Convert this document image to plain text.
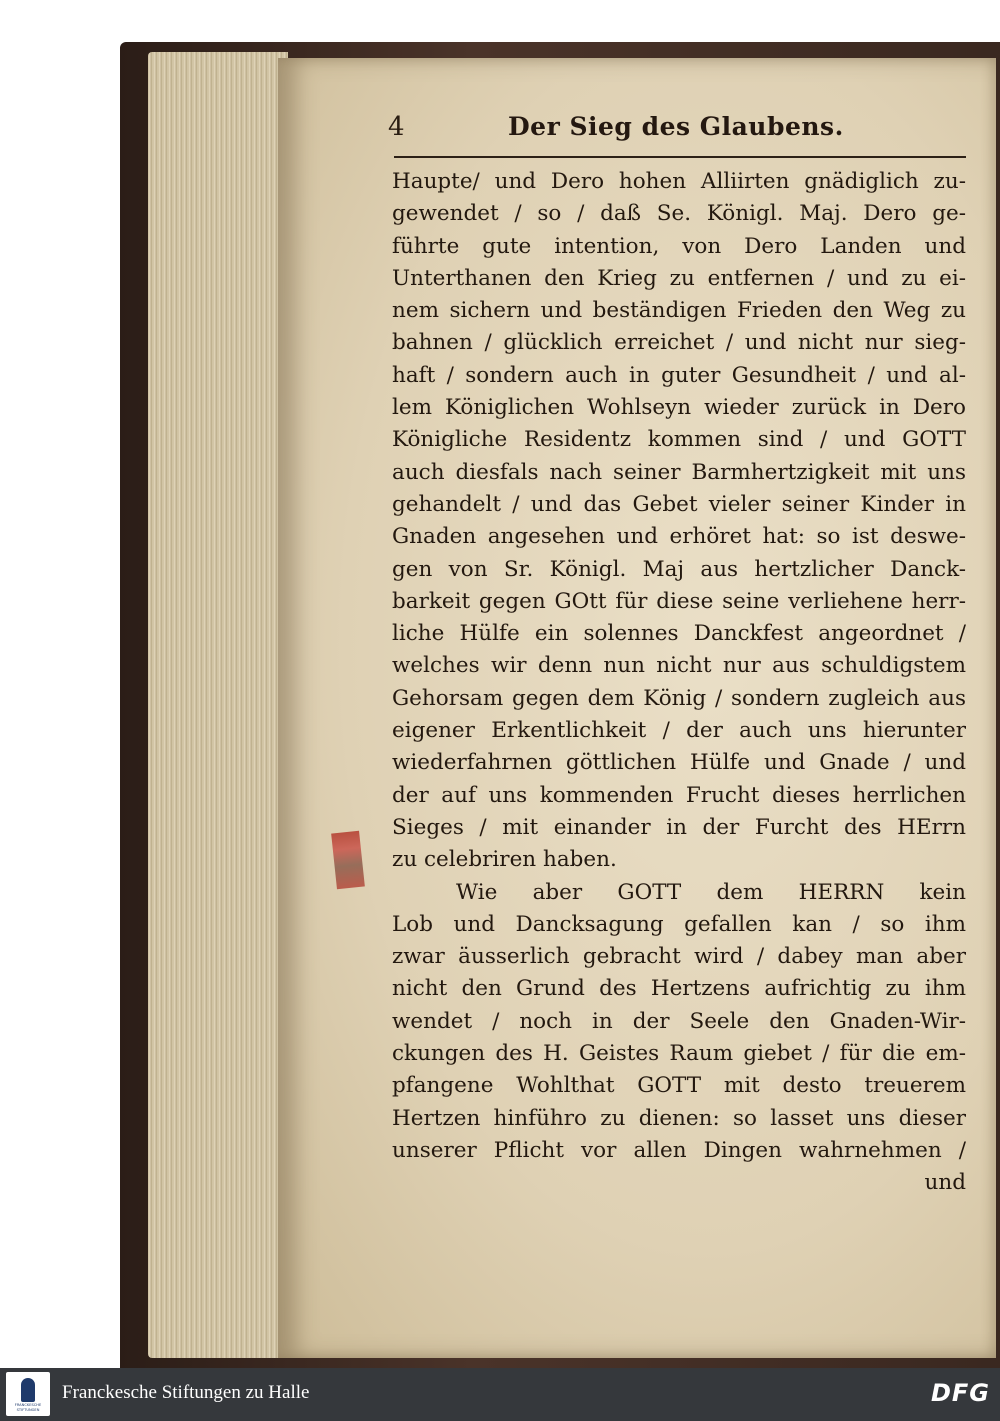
4	Der Sieg des Glaubens.
Haupte/ und Dero hohen Alliirten gnädiglich zu-
gewendet / so / daß Se. Königl. Maj. Dero ge-
führte gute intention, von Dero Landen und
Unterthanen den Krieg zu entfernen / und zu ei-
nem sichern und beständigen Frieden den Weg zu
bahnen / glücklich erreichet / und nicht nur sieg-
haft / sondern auch in guter Gesundheit / und al-
lem Königlichen Wohlseyn wieder zurück in Dero
Königliche Residentz kommen sind / und GOTT
auch diesfals nach seiner Barmhertzigkeit mit uns
gehandelt / und das Gebet vieler seiner Kinder in
Gnaden angesehen und erhöret hat: so ist deswe-
gen von Sr. Königl. Maj aus hertzlicher Danck-
barkeit gegen GOtt für diese seine verliehene herr-
liche Hülfe ein solennes Danckfest angeordnet /
welches wir denn nun nicht nur aus schuldigstem
Gehorsam gegen dem König / sondern zugleich aus
eigener Erkentlichkeit / der auch uns hierunter
wiederfahrnen göttlichen Hülfe und Gnade / und
der auf uns kommenden Frucht dieses herrlichen
Sieges / mit einander in der Furcht des HErrn
zu celebriren haben.
Wie aber GOTT dem HERRN kein
Lob und Dancksagung gefallen kan / so ihm
zwar äusserlich gebracht wird / dabey man aber
nicht den Grund des Hertzens aufrichtig zu ihm
wendet / noch in der Seele den Gnaden-Wir-
ckungen des H. Geistes Raum giebet / für die em-
pfangene Wohlthat GOTT mit desto treuerem
Hertzen hinführo zu dienen: so lasset uns dieser
unserer Pflicht vor allen Dingen wahrnehmen /
und
FRANCKESCHE STIFTUNGEN
Franckesche Stiftungen zu Halle	DFG
